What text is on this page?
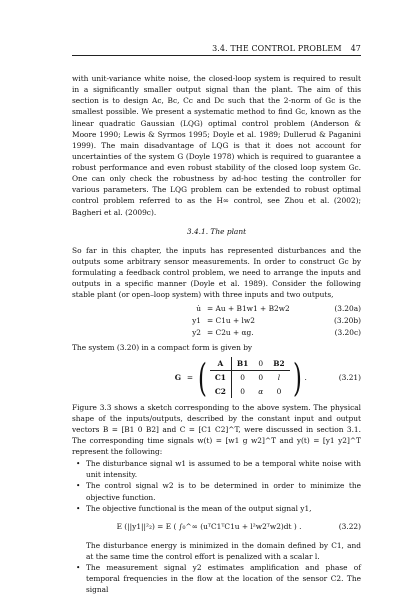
3.4. THE CONTROL PROBLEM 47

with unit-variance white noise, the closed-loop system is required to result in a significantly smaller output signal than the plant. The aim of this section is to design Ac, Bc, Cc and Dc such that the 2-norm of Gc is the smallest possible. We present a systematic method to find Gc, known as the linear quadratic Gaussian (LQG) optimal control problem (Anderson & Moore 1990; Lewis & Syrmos 1995; Doyle et al. 1989; Dullerud & Paganini 1999). The main disadvantage of LQG is that it does not account for uncertainties of the system G (Doyle 1978) which is required to guarantee a robust performance and even robust stability of the closed loop system Gc. One can only check the robustness by ad-hoc testing the controller for various parameters. The LQG problem can be extended to robust optimal control problem referred to as the H∞ control, see Zhou et al. (2002); Bagheri et al. (2009c).

3.4.1. The plant

So far in this chapter, the inputs has represented disturbances and the outputs some arbitrary sensor measurements. In order to construct Gc by formulating a feedback control problem, we need to arrange the inputs and outputs in a specific manner (Doyle et al. 1989). Consider the following stable plant (or open–loop system) with three inputs and two outputs,

u̇ = Au + B1w1 + B2w2	(3.20a)
y1 = C1u + lw2	(3.20b)
y2 = C2u + αg.	(3.20c)

The system (3.20) in a compact form is given by

G = ( A	B1	0	B2
C1	0	0	l
C2	0	α	0 ) .	(3.21)

Figure 3.3 shows a sketch corresponding to the above system. The physical shape of the inputs/outputs, described by the constant input and output vectors B = [B1 0 B2] and C = [C1 C2]^T, were discussed in section 3.1. The corresponding time signals w(t) = [w1 g w2]^T and y(t) = [y1 y2]^T represent the following:

• The disturbance signal w1 is assumed to be a temporal white noise with unit intensity.
• The control signal w2 is to be determined in order to minimize the objective function.
• The objective functional is the mean of the output signal y1,
E (||y1||²₂) = E ( ∫₀^∞ (uᵀC1ᵀC1u + l²w2ᵀw2)dt ) .	(3.22)
The disturbance energy is minimized in the domain defined by C1, and at the same time the control effort is penalized with a scalar l.
• The measurement signal y2 estimates amplification and phase of temporal frequencies in the flow at the location of the sensor C2. The signal
